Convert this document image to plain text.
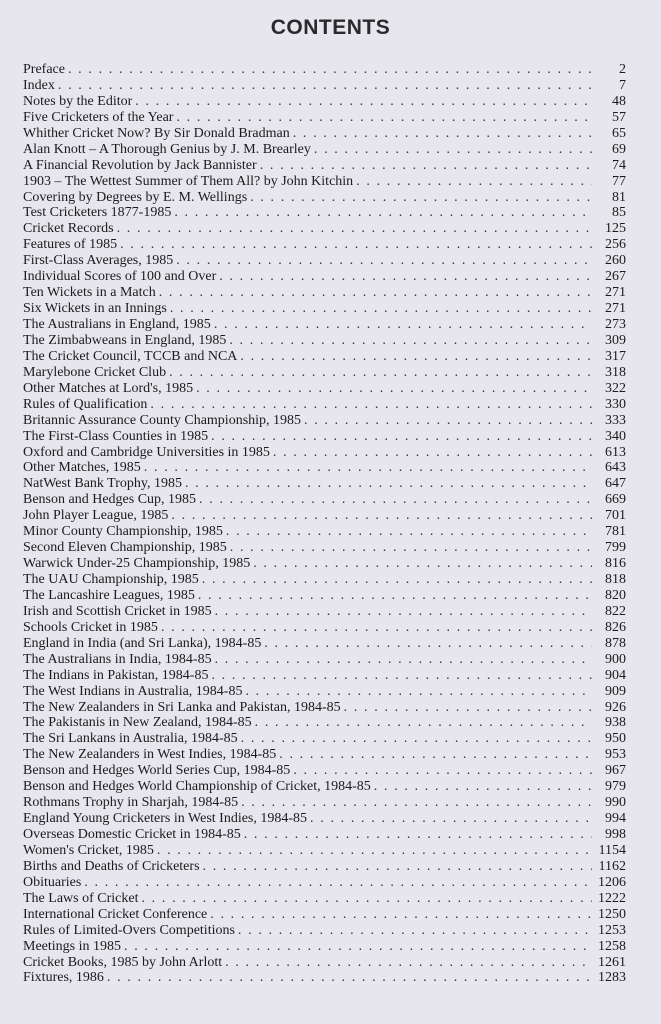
CONTENTS
Preface . . .	2
Index . . .	7
Notes by the Editor . . .	48
Five Cricketers of the Year . . .	57
Whither Cricket Now? By Sir Donald Bradman . . .	65
Alan Knott – A Thorough Genius by J. M. Brearley . . .	69
A Financial Revolution by Jack Bannister . . .	74
1903 – The Wettest Summer of Them All? by John Kitchin . . .	77
Covering by Degrees by E. M. Wellings . . .	81
Test Cricketers 1877-1985 . . .	85
Cricket Records . . .	125
Features of 1985 . . .	256
First-Class Averages, 1985 . . .	260
Individual Scores of 100 and Over . . .	267
Ten Wickets in a Match . . .	271
Six Wickets in an Innings . . .	271
The Australians in England, 1985 . . .	273
The Zimbabweans in England, 1985 . . .	309
The Cricket Council, TCCB and NCA . . .	317
Marylebone Cricket Club . . .	318
Other Matches at Lord's, 1985 . . .	322
Rules of Qualification . . .	330
Britannic Assurance County Championship, 1985 . . .	333
The First-Class Counties in 1985 . . .	340
Oxford and Cambridge Universities in 1985 . . .	613
Other Matches, 1985 . . .	643
NatWest Bank Trophy, 1985 . . .	647
Benson and Hedges Cup, 1985 . . .	669
John Player League, 1985 . . .	701
Minor County Championship, 1985 . . .	781
Second Eleven Championship, 1985 . . .	799
Warwick Under-25 Championship, 1985 . . .	816
The UAU Championship, 1985 . . .	818
The Lancashire Leagues, 1985 . . .	820
Irish and Scottish Cricket in 1985 . . .	822
Schools Cricket in 1985 . . .	826
England in India (and Sri Lanka), 1984-85 . . .	878
The Australians in India, 1984-85 . . .	900
The Indians in Pakistan, 1984-85 . . .	904
The West Indians in Australia, 1984-85 . . .	909
The New Zealanders in Sri Lanka and Pakistan, 1984-85 . . .	926
The Pakistanis in New Zealand, 1984-85 . . .	938
The Sri Lankans in Australia, 1984-85 . . .	950
The New Zealanders in West Indies, 1984-85 . . .	953
Benson and Hedges World Series Cup, 1984-85 . . .	967
Benson and Hedges World Championship of Cricket, 1984-85 . . .	979
Rothmans Trophy in Sharjah, 1984-85 . . .	990
England Young Cricketers in West Indies, 1984-85 . . .	994
Overseas Domestic Cricket in 1984-85 . . .	998
Women's Cricket, 1985 . . .	1154
Births and Deaths of Cricketers . . .	1162
Obituaries . . .	1206
The Laws of Cricket . . .	1222
International Cricket Conference . . .	1250
Rules of Limited-Overs Competitions . . .	1253
Meetings in 1985 . . .	1258
Cricket Books, 1985 by John Arlott . . .	1261
Fixtures, 1986 . . .	1283
